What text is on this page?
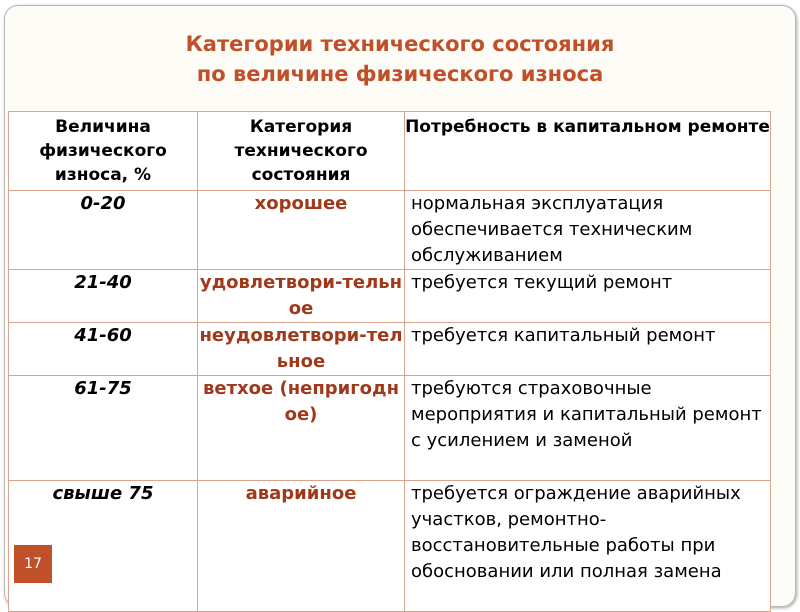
Категории технического состояния
по величине физического износа
Величина физического износа, %	Категория технического состояния	Потребность в капитальном ремонте
0-20	хорошее	нормальная эксплуатация обеспечивается техническим обслуживанием
21-40	удовлетвори-тельное	требуется текущий ремонт
41-60	неудовлетвори-тельное	требуется капитальный ремонт
61-75	ветхое (непригодное)	требуются страховочные мероприятия и капитальный ремонт с усилением и заменой
свыше 75	аварийное	требуется ограждение аварийных участков, ремонтно-восстановительные работы при обосновании или полная замена
17
